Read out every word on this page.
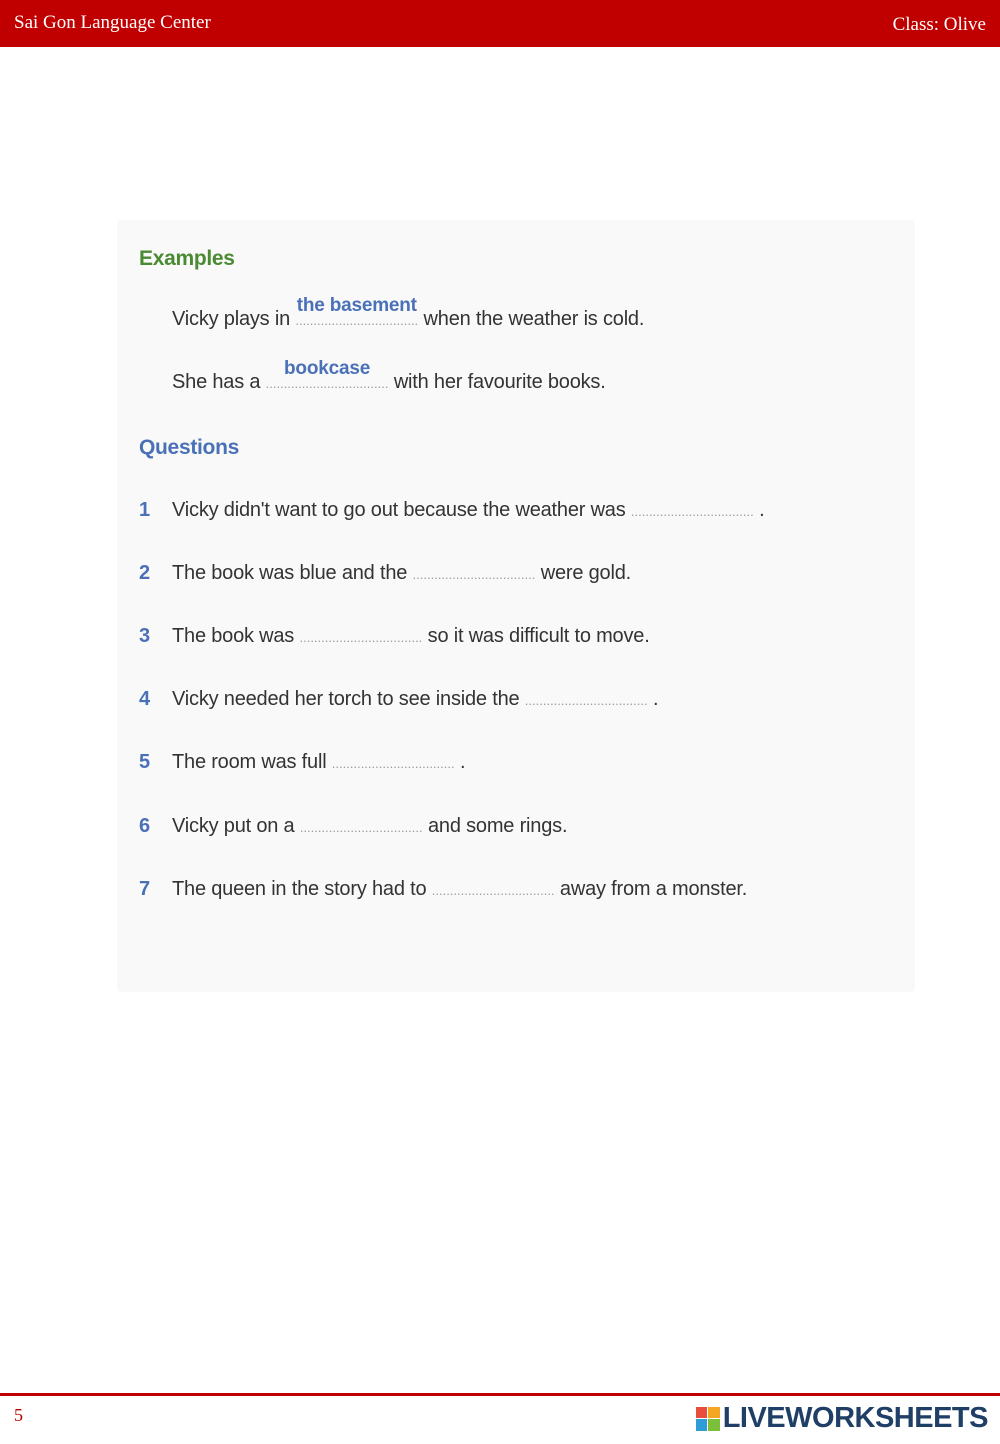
Sai Gon Language Center	Class: Olive
Examples
Vicky plays in ..................................
the basement
when the weather is cold.
She has a ..................................
bookcase
with her favourite books.
Questions
1 Vicky didn't want to go out because the weather was .................................. .
2 The book was blue and the .................................. were gold.
3 The book was .................................. so it was difficult to move.
4 Vicky needed her torch to see inside the .................................. .
5 The room was full .................................. .
6 Vicky put on a .................................. and some rings.
7 The queen in the story had to .................................. away from a monster.
5	LIVEWORKSHEETS
